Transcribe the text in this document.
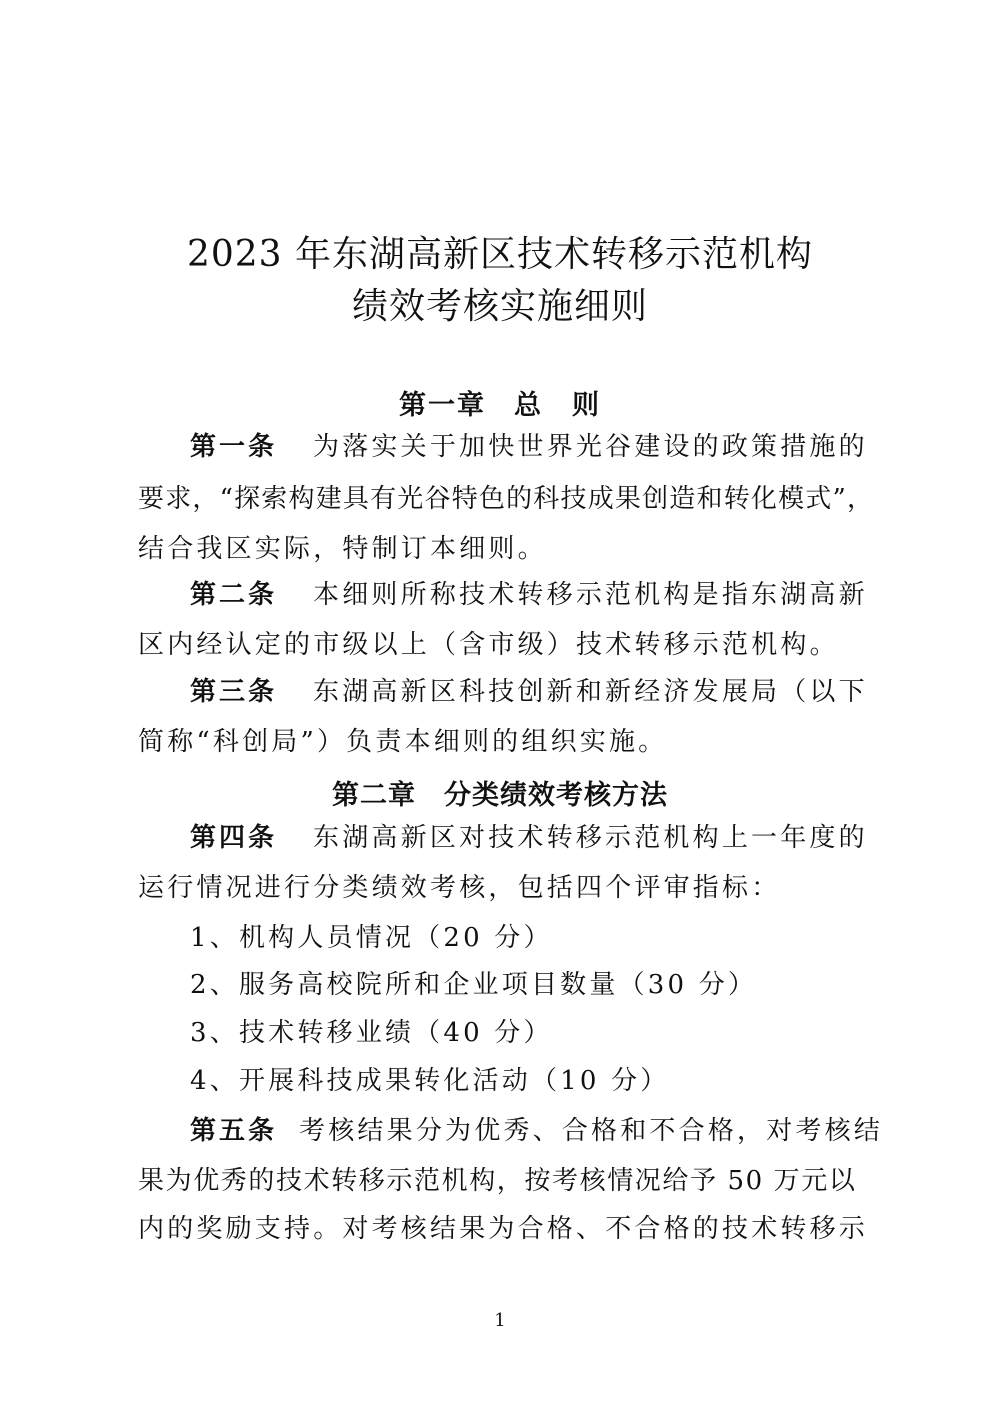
2023 年东湖高新区技术转移示范机构
绩效考核实施细则
第一章 总　则

第一条 为落实关于加快世界光谷建设的政策措施的

要求，“探索构建具有光谷特色的科技成果创造和转化模式”，

结合我区实际，特制订本细则。

第二条 本细则所称技术转移示范机构是指东湖高新

区内经认定的市级以上（含市级）技术转移示范机构。

第三条 东湖高新区科技创新和新经济发展局（以下

简称“科创局”）负责本细则的组织实施。

第二章 分类绩效考核方法

第四条 东湖高新区对技术转移示范机构上一年度的

运行情况进行分类绩效考核，包括四个评审指标：

1、机构人员情况（20 分）

2、服务高校院所和企业项目数量（30 分）

3、技术转移业绩（40 分）

4、开展科技成果转化活动（10 分）

第五条 考核结果分为优秀、合格和不合格，对考核结

果为优秀的技术转移示范机构，按考核情况给予 50 万元以

内的奖励支持。对考核结果为合格、不合格的技术转移示

1
